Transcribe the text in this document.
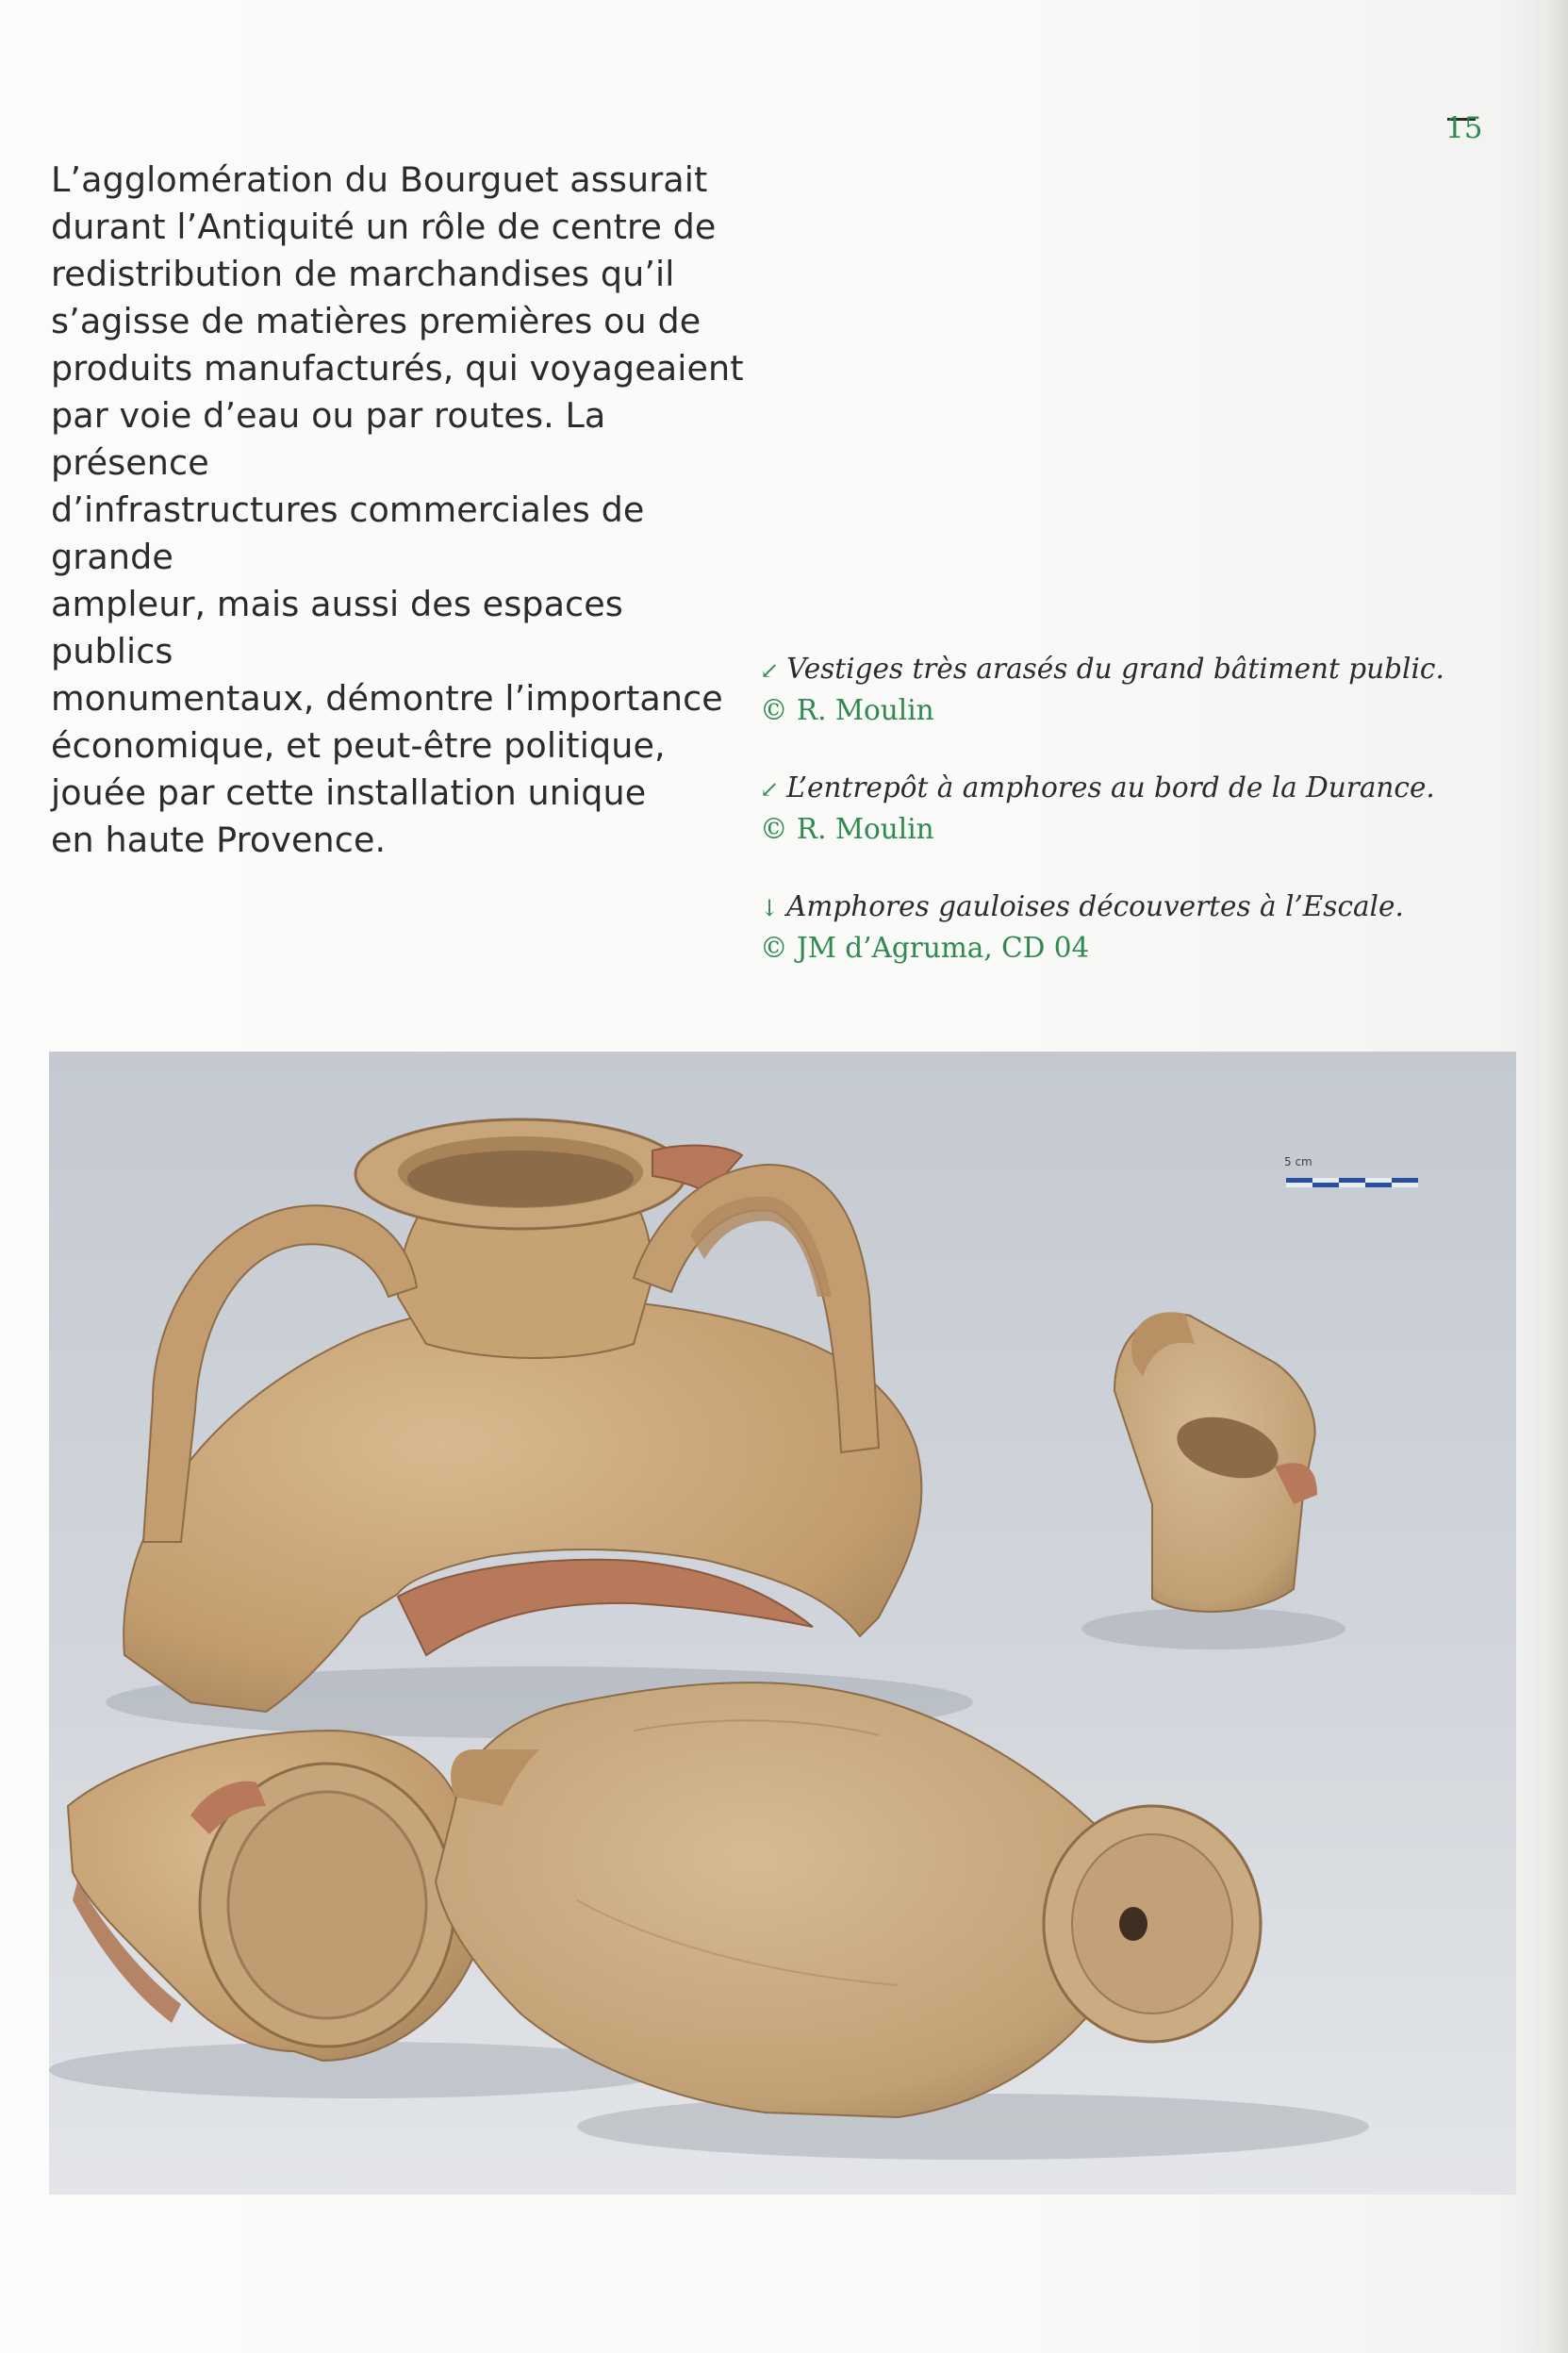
15
L’agglomération du Bourguet assurait
durant l’Antiquité un rôle de centre de
redistribution de marchandises qu’il
s’agisse de matières premières ou de
produits manufacturés, qui voyageaient
par voie d’eau ou par routes. La présence
d’infrastructures commerciales de grande
ampleur, mais aussi des espaces publics
monumentaux, démontre l’importance
économique, et peut-être politique,
jouée par cette installation unique
en haute Provence.
↙ Vestiges très arasés du grand bâtiment public.
© R. Moulin
↙ L’entrepôt à amphores au bord de la Durance.
© R. Moulin
↓ Amphores gauloises découvertes à l’Escale.
© JM d’Agruma, CD 04
5 cm
